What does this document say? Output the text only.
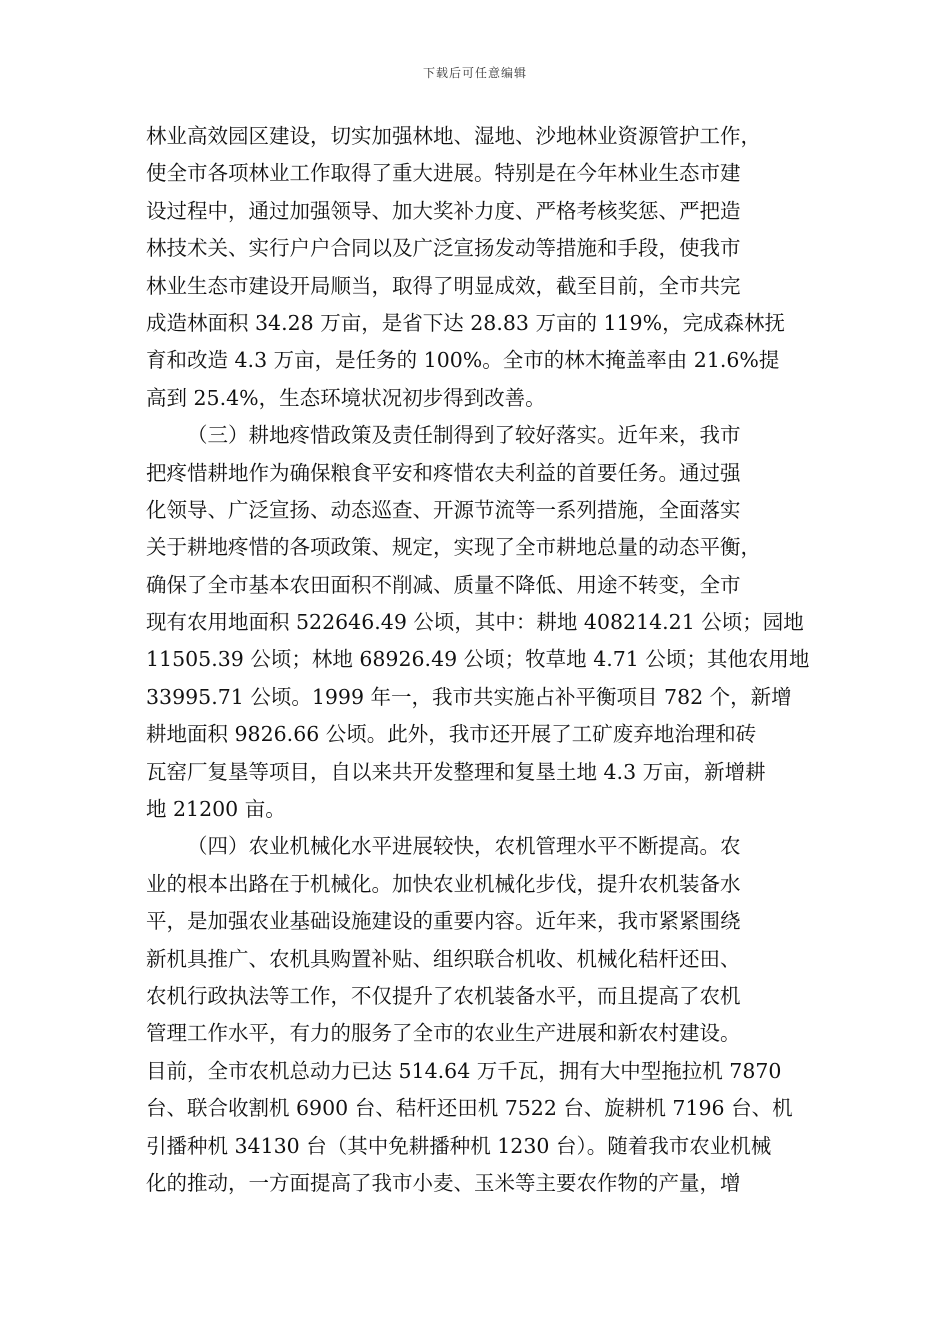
下载后可任意编辑
林业高效园区建设，切实加强林地、湿地、沙地林业资源管护工作，
使全市各项林业工作取得了重大进展。特别是在今年林业生态市建
设过程中，通过加强领导、加大奖补力度、严格考核奖惩、严把造
林技术关、实行户户合同以及广泛宣扬发动等措施和手段，使我市
林业生态市建设开局顺当，取得了明显成效，截至目前，全市共完
成造林面积 34.28 万亩，是省下达 28.83 万亩的 119%，完成森林抚
育和改造 4.3 万亩，是任务的 100%。全市的林木掩盖率由 21.6%提
高到 25.4%，生态环境状况初步得到改善。
（三）耕地疼惜政策及责任制得到了较好落实。近年来，我市
把疼惜耕地作为确保粮食平安和疼惜农夫利益的首要任务。通过强
化领导、广泛宣扬、动态巡查、开源节流等一系列措施，全面落实
关于耕地疼惜的各项政策、规定，实现了全市耕地总量的动态平衡，
确保了全市基本农田面积不削减、质量不降低、用途不转变，全市
现有农用地面积 522646.49 公顷，其中：耕地 408214.21 公顷；园地
11505.39 公顷；林地 68926.49 公顷；牧草地 4.71 公顷；其他农用地
33995.71 公顷。1999 年一，我市共实施占补平衡项目 782 个，新增
耕地面积 9826.66 公顷。此外，我市还开展了工矿废弃地治理和砖
瓦窑厂复垦等项目，自以来共开发整理和复垦土地 4.3 万亩，新增耕
地 21200 亩。
（四）农业机械化水平进展较快，农机管理水平不断提高。农
业的根本出路在于机械化。加快农业机械化步伐，提升农机装备水
平，是加强农业基础设施建设的重要内容。近年来，我市紧紧围绕
新机具推广、农机具购置补贴、组织联合机收、机械化秸杆还田、
农机行政执法等工作，不仅提升了农机装备水平，而且提高了农机
管理工作水平，有力的服务了全市的农业生产进展和新农村建设。
目前，全市农机总动力已达 514.64 万千瓦，拥有大中型拖拉机 7870
台、联合收割机 6900 台、秸杆还田机 7522 台、旋耕机 7196 台、机
引播种机 34130 台（其中免耕播种机 1230 台）。随着我市农业机械
化的推动，一方面提高了我市小麦、玉米等主要农作物的产量，增
